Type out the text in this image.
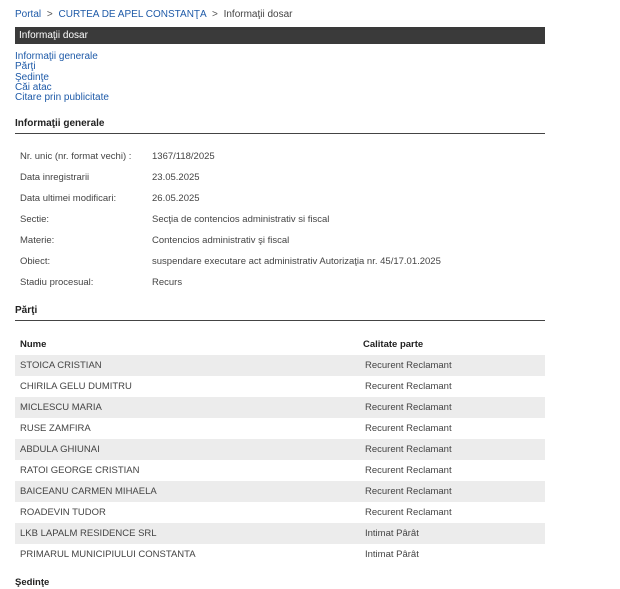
Portal > CURTEA DE APEL CONSTANŢA > Informaţii dosar
Informaţii dosar
Informaţii generale
Părţi
Şedinţe
Căi atac
Citare prin publicitate
Informaţii generale
Nr. unic (nr. format vechi) : 1367/118/2025
Data inregistrarii	23.05.2025
Data ultimei modificari:	26.05.2025
Sectie:	Secţia de contencios administrativ si fiscal
Materie:	Contencios administrativ şi fiscal
Obiect:	suspendare executare act administrativ Autorizaţia nr. 45/17.01.2025
Stadiu procesual:	Recurs
Părţi
Nume	Calitate parte
STOICA CRISTIAN	Recurent Reclamant
CHIRILA GELU DUMITRU	Recurent Reclamant
MICLESCU MARIA	Recurent Reclamant
RUSE ZAMFIRA	Recurent Reclamant
ABDULA GHIUNAI	Recurent Reclamant
RATOI GEORGE CRISTIAN	Recurent Reclamant
BAICEANU CARMEN MIHAELA	Recurent Reclamant
ROADEVIN TUDOR	Recurent Reclamant
LKB LAPALM RESIDENCE SRL	Intimat Pârât
PRIMARUL MUNICIPIULUI CONSTANTA	Intimat Pârât
Şedinţe
